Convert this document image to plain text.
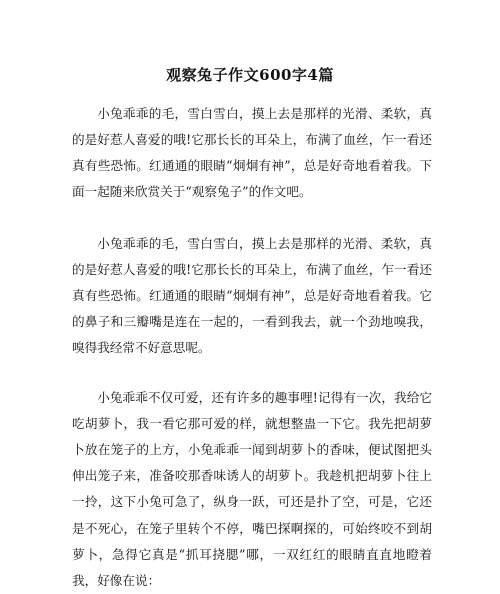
观察兔子作文600字4篇

小兔乖乖的毛，雪白雪白，摸上去是那样的光滑、柔软，真的是好惹人喜爱的哦!它那长长的耳朵上，布满了血丝，乍一看还真有些恐怖。红通通的眼睛“炯炯有神”，总是好奇地看着我。下面一起随来欣赏关于“观察兔子”的作文吧。

小兔乖乖的毛，雪白雪白，摸上去是那样的光滑、柔软，真的是好惹人喜爱的哦!它那长长的耳朵上，布满了血丝，乍一看还真有些恐怖。红通通的眼睛“炯炯有神”，总是好奇地看着我。它的鼻子和三瓣嘴是连在一起的，一看到我去，就一个劲地嗅我，嗅得我经常不好意思呢。

小兔乖乖不仅可爱，还有许多的趣事哩!记得有一次，我给它吃胡萝卜，我一看它那可爱的样，就想整蛊一下它。我先把胡萝卜放在笼子的上方，小兔乖乖一闻到胡萝卜的香味，便试图把头伸出笼子来，准备咬那香味诱人的胡萝卜。我趁机把胡萝卜往上一拎，这下小兔可急了，纵身一跃，可还是扑了空，可是，它还是不死心，在笼子里转个不停，嘴巴探啊探的，可始终咬不到胡萝卜，急得它真是“抓耳挠腮”哪，一双红红的眼睛直直地瞪着我，好像在说：
